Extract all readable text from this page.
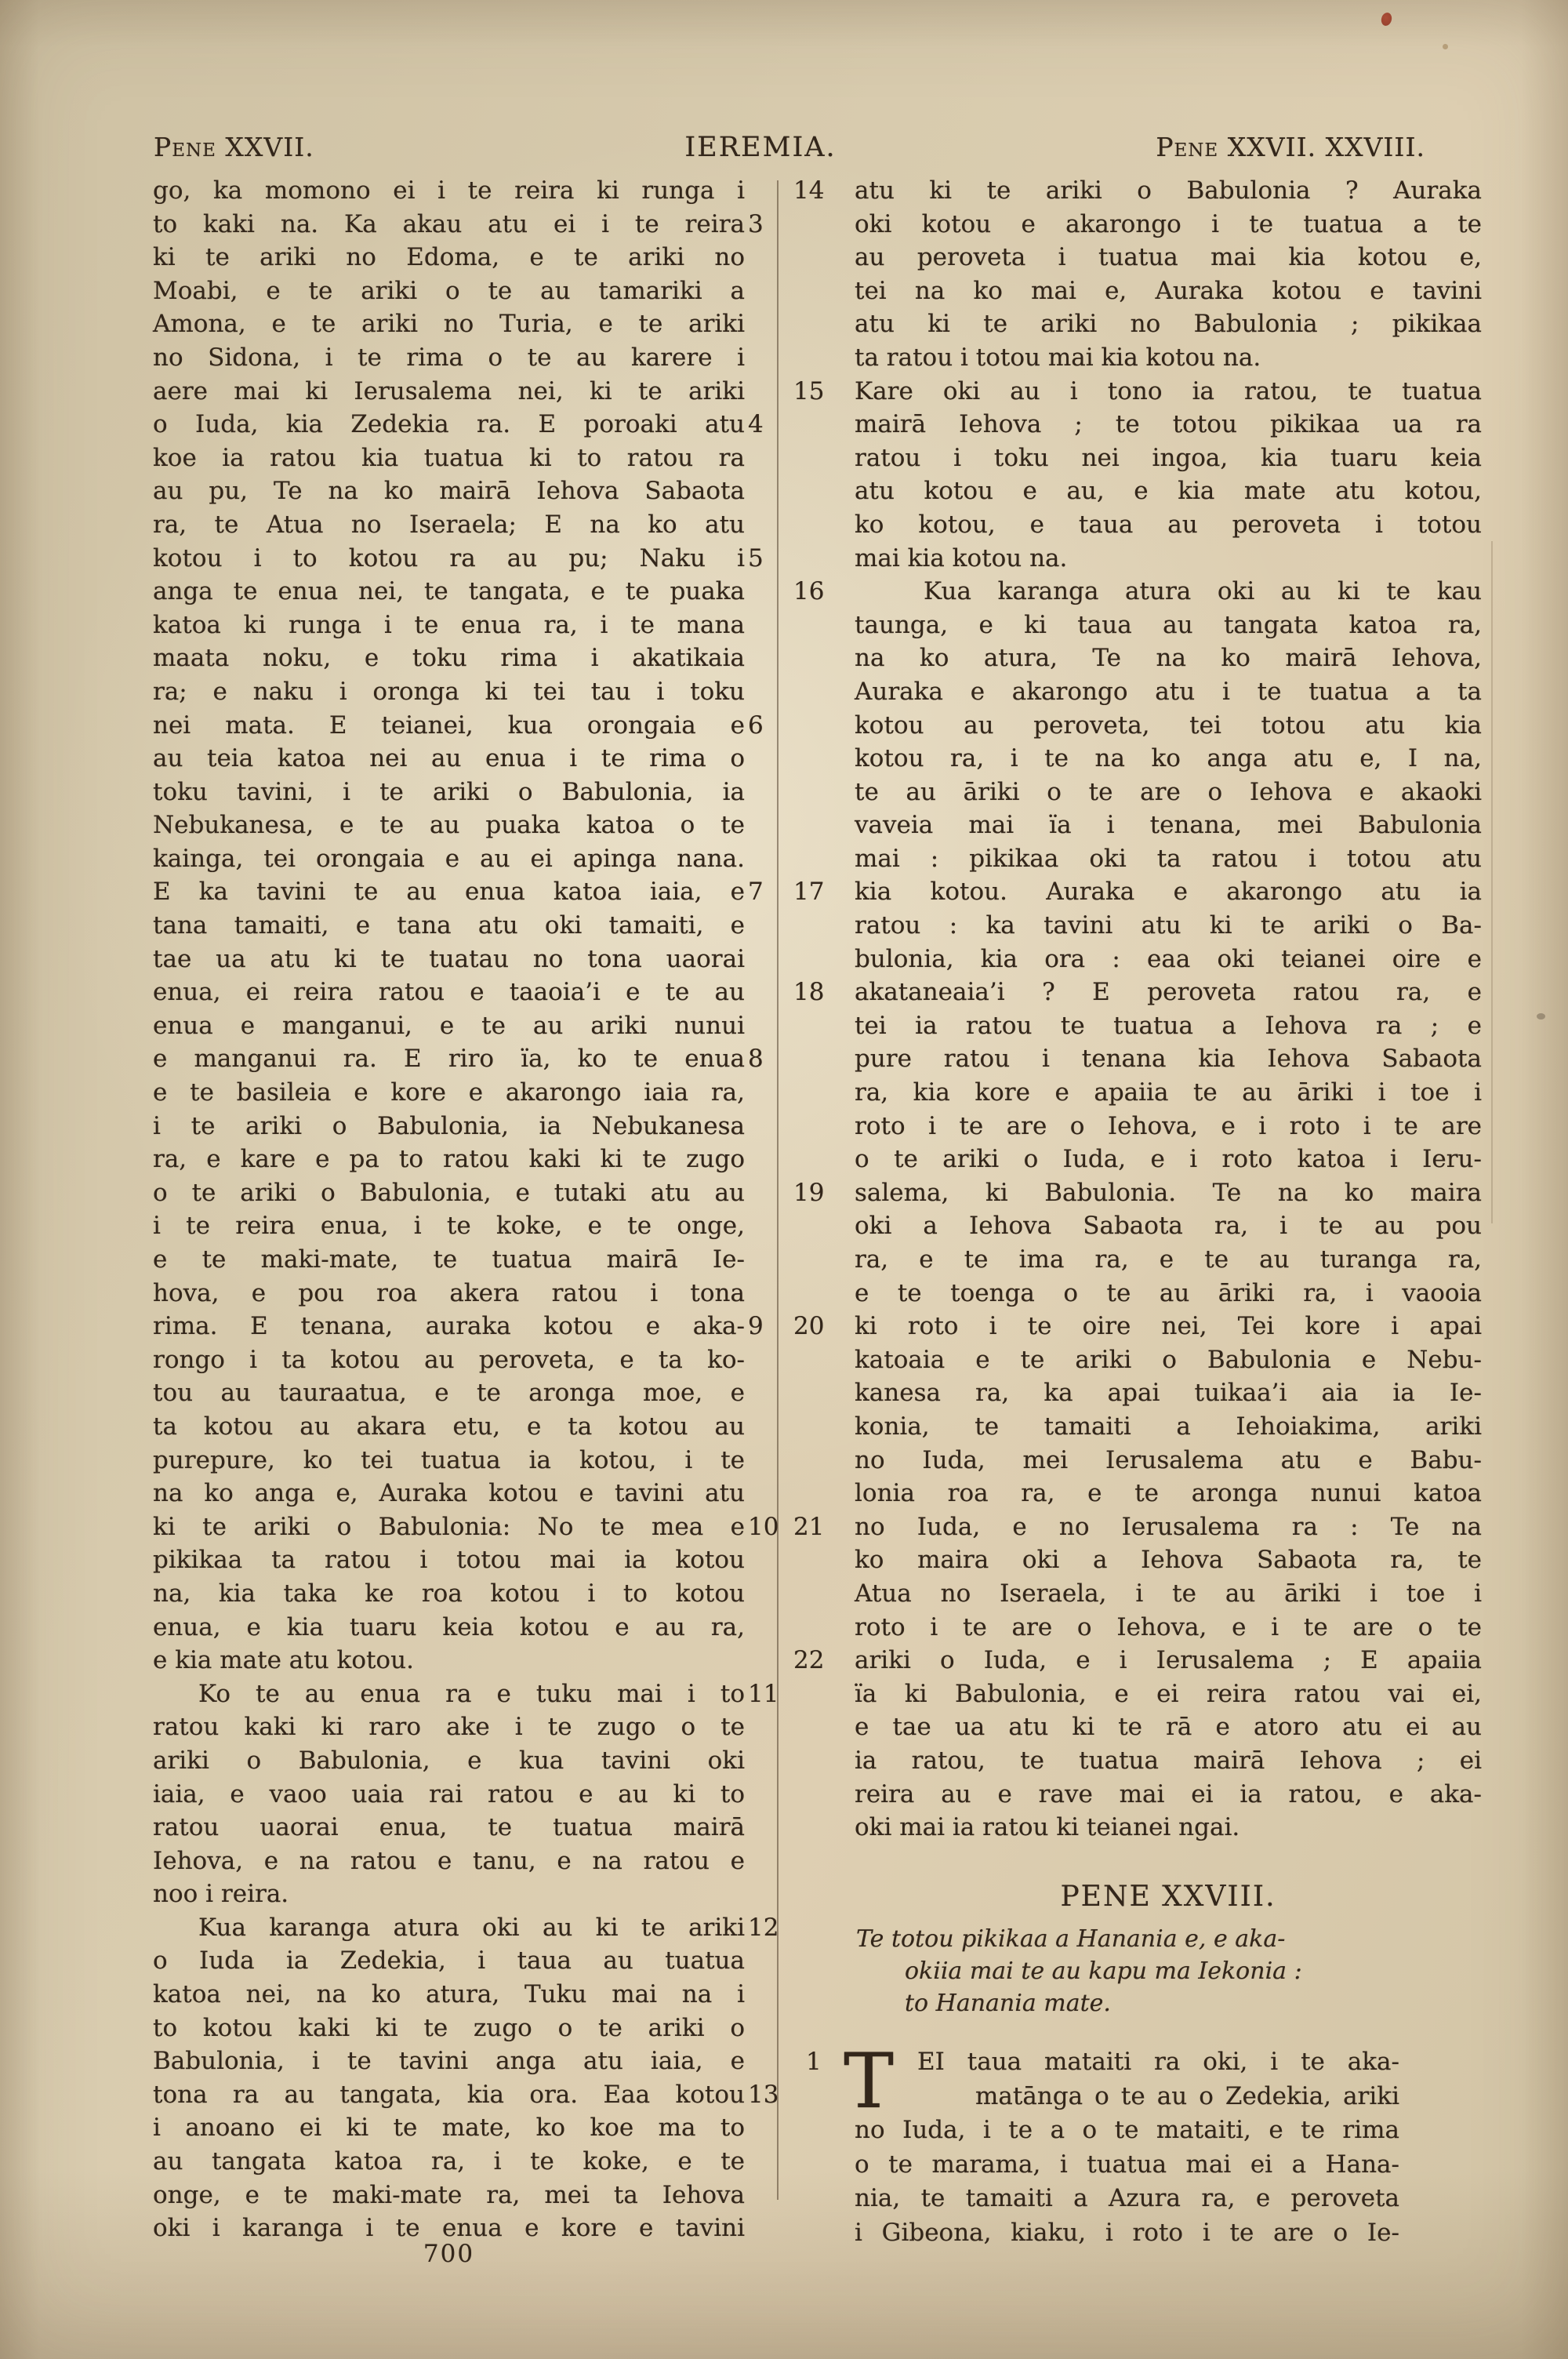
Pene XXVII.	IEREMIA.	Pene XXVII. XXVIII.
go, ka momono ei i te reira ki runga i
3
to kaki na. Ka akau atu ei i te reira
ki te ariki no Edoma, e te ariki no
Moabi, e te ariki o te au tamariki a
Amona, e te ariki no Turia, e te ariki
no Sidona, i te rima o te au karere i
aere mai ki Ierusalema nei, ki te ariki
4
o Iuda, kia Zedekia ra. E poroaki atu
koe ia ratou kia tuatua ki to ratou ra
au pu, Te na ko mairā Iehova Sabaota
ra, te Atua no Iseraela; E na ko atu
5
kotou i to kotou ra au pu; Naku i
anga te enua nei, te tangata, e te puaka
katoa ki runga i te enua ra, i te mana
maata noku, e toku rima i akatikaia
ra; e naku i oronga ki tei tau i toku
6
nei mata. E teianei, kua orongaia e
au teia katoa nei au enua i te rima o
toku tavini, i te ariki o Babulonia, ia
Nebukanesa, e te au puaka katoa o te
kainga, tei orongaia e au ei apinga nana.
7
E ka tavini te au enua katoa iaia, e
tana tamaiti, e tana atu oki tamaiti, e
tae ua atu ki te tuatau no tona uaorai
enua, ei reira ratou e taaoia’i e te au
enua e manganui, e te au ariki nunui
8
e manganui ra. E riro ïa, ko te enua
e te basileia e kore e akarongo iaia ra,
i te ariki o Babulonia, ia Nebukanesa
ra, e kare e pa to ratou kaki ki te zugo
o te ariki o Babulonia, e tutaki atu au
i te reira enua, i te koke, e te onge,
e te maki-mate, te tuatua mairā Ie-
hova, e pou roa akera ratou i tona
9
rima. E tenana, auraka kotou e aka-
rongo i ta kotou au peroveta, e ta ko-
tou au tauraatua, e te aronga moe, e
ta kotou au akara etu, e ta kotou au
purepure, ko tei tuatua ia kotou, i te
na ko anga e, Auraka kotou e tavini atu
10
ki te ariki o Babulonia: No te mea e
pikikaa ta ratou i totou mai ia kotou
na, kia taka ke roa kotou i to kotou
enua, e kia tuaru keia kotou e au ra,
e kia mate atu kotou.
11
Ko te au enua ra e tuku mai i to
ratou kaki ki raro ake i te zugo o te
ariki o Babulonia, e kua tavini oki
iaia, e vaoo uaia rai ratou e au ki to
ratou uaorai enua, te tuatua mairā
Iehova, e na ratou e tanu, e na ratou e
noo i reira.
12
Kua karanga atura oki au ki te ariki
o Iuda ia Zedekia, i taua au tuatua
katoa nei, na ko atura, Tuku mai na i
to kotou kaki ki te zugo o te ariki o
Babulonia, i te tavini anga atu iaia, e
13
tona ra au tangata, kia ora. Eaa kotou
i anoano ei ki te mate, ko koe ma to
au tangata katoa ra, i te koke, e te
onge, e te maki-mate ra, mei ta Iehova
oki i karanga i te enua e kore e tavini
14	atu ki te ariki o Babulonia ? Auraka
oki kotou e akarongo i te tuatua a te
au peroveta i tuatua mai kia kotou e,
tei na ko mai e, Auraka kotou e tavini
atu ki te ariki no Babulonia ; pikikaa
ta ratou i totou mai kia kotou na.
15	Kare oki au i tono ia ratou, te tuatua
mairā Iehova ; te totou pikikaa ua ra
ratou i toku nei ingoa, kia tuaru keia
atu kotou e au, e kia mate atu kotou,
ko kotou, e taua au peroveta i totou
mai kia kotou na.
16	Kua karanga atura oki au ki te kau
taunga, e ki taua au tangata katoa ra,
na ko atura, Te na ko mairā Iehova,
Auraka e akarongo atu i te tuatua a ta
kotou au peroveta, tei totou atu kia
kotou ra, i te na ko anga atu e, I na,
te au āriki o te are o Iehova e akaoki
vaveia mai ïa i tenana, mei Babulonia
mai : pikikaa oki ta ratou i totou atu
17	kia kotou. Auraka e akarongo atu ia
ratou : ka tavini atu ki te ariki o Ba-
bulonia, kia ora : eaa oki teianei oire e
18	akataneaia’i ? E peroveta ratou ra, e
tei ia ratou te tuatua a Iehova ra ; e
pure ratou i tenana kia Iehova Sabaota
ra, kia kore e apaiia te au āriki i toe i
roto i te are o Iehova, e i roto i te are
o te ariki o Iuda, e i roto katoa i Ieru-
19	salema, ki Babulonia. Te na ko maira
oki a Iehova Sabaota ra, i te au pou
ra, e te ima ra, e te au turanga ra,
e te toenga o te au āriki ra, i vaooia
20	ki roto i te oire nei, Tei kore i apai
katoaia e te ariki o Babulonia e Nebu-
kanesa ra, ka apai tuikaa’i aia ia Ie-
konia, te tamaiti a Iehoiakima, ariki
no Iuda, mei Ierusalema atu e Babu-
lonia roa ra, e te aronga nunui katoa
21	no Iuda, e no Ierusalema ra : Te na
ko maira oki a Iehova Sabaota ra, te
Atua no Iseraela, i te au āriki i toe i
roto i te are o Iehova, e i te are o te
22	ariki o Iuda, e i Ierusalema ; E apaiia
ïa ki Babulonia, e ei reira ratou vai ei,
e tae ua atu ki te rā e atoro atu ei au
ia ratou, te tuatua mairā Iehova ; ei
reira au e rave mai ei ia ratou, e aka-
oki mai ia ratou ki teianei ngai.
PENE XXVIII.
Te totou pikikaa a Hanania e, e aka-
okiia mai te au kapu ma Iekonia :
to Hanania mate.
1 T EI taua mataiti ra oki, i te aka-
matānga o te au o Zedekia, ariki
no Iuda, i te a o te mataiti, e te rima
o te marama, i tuatua mai ei a Hana-
nia, te tamaiti a Azura ra, e peroveta
i Gibeona, kiaku, i roto i te are o Ie-
700
